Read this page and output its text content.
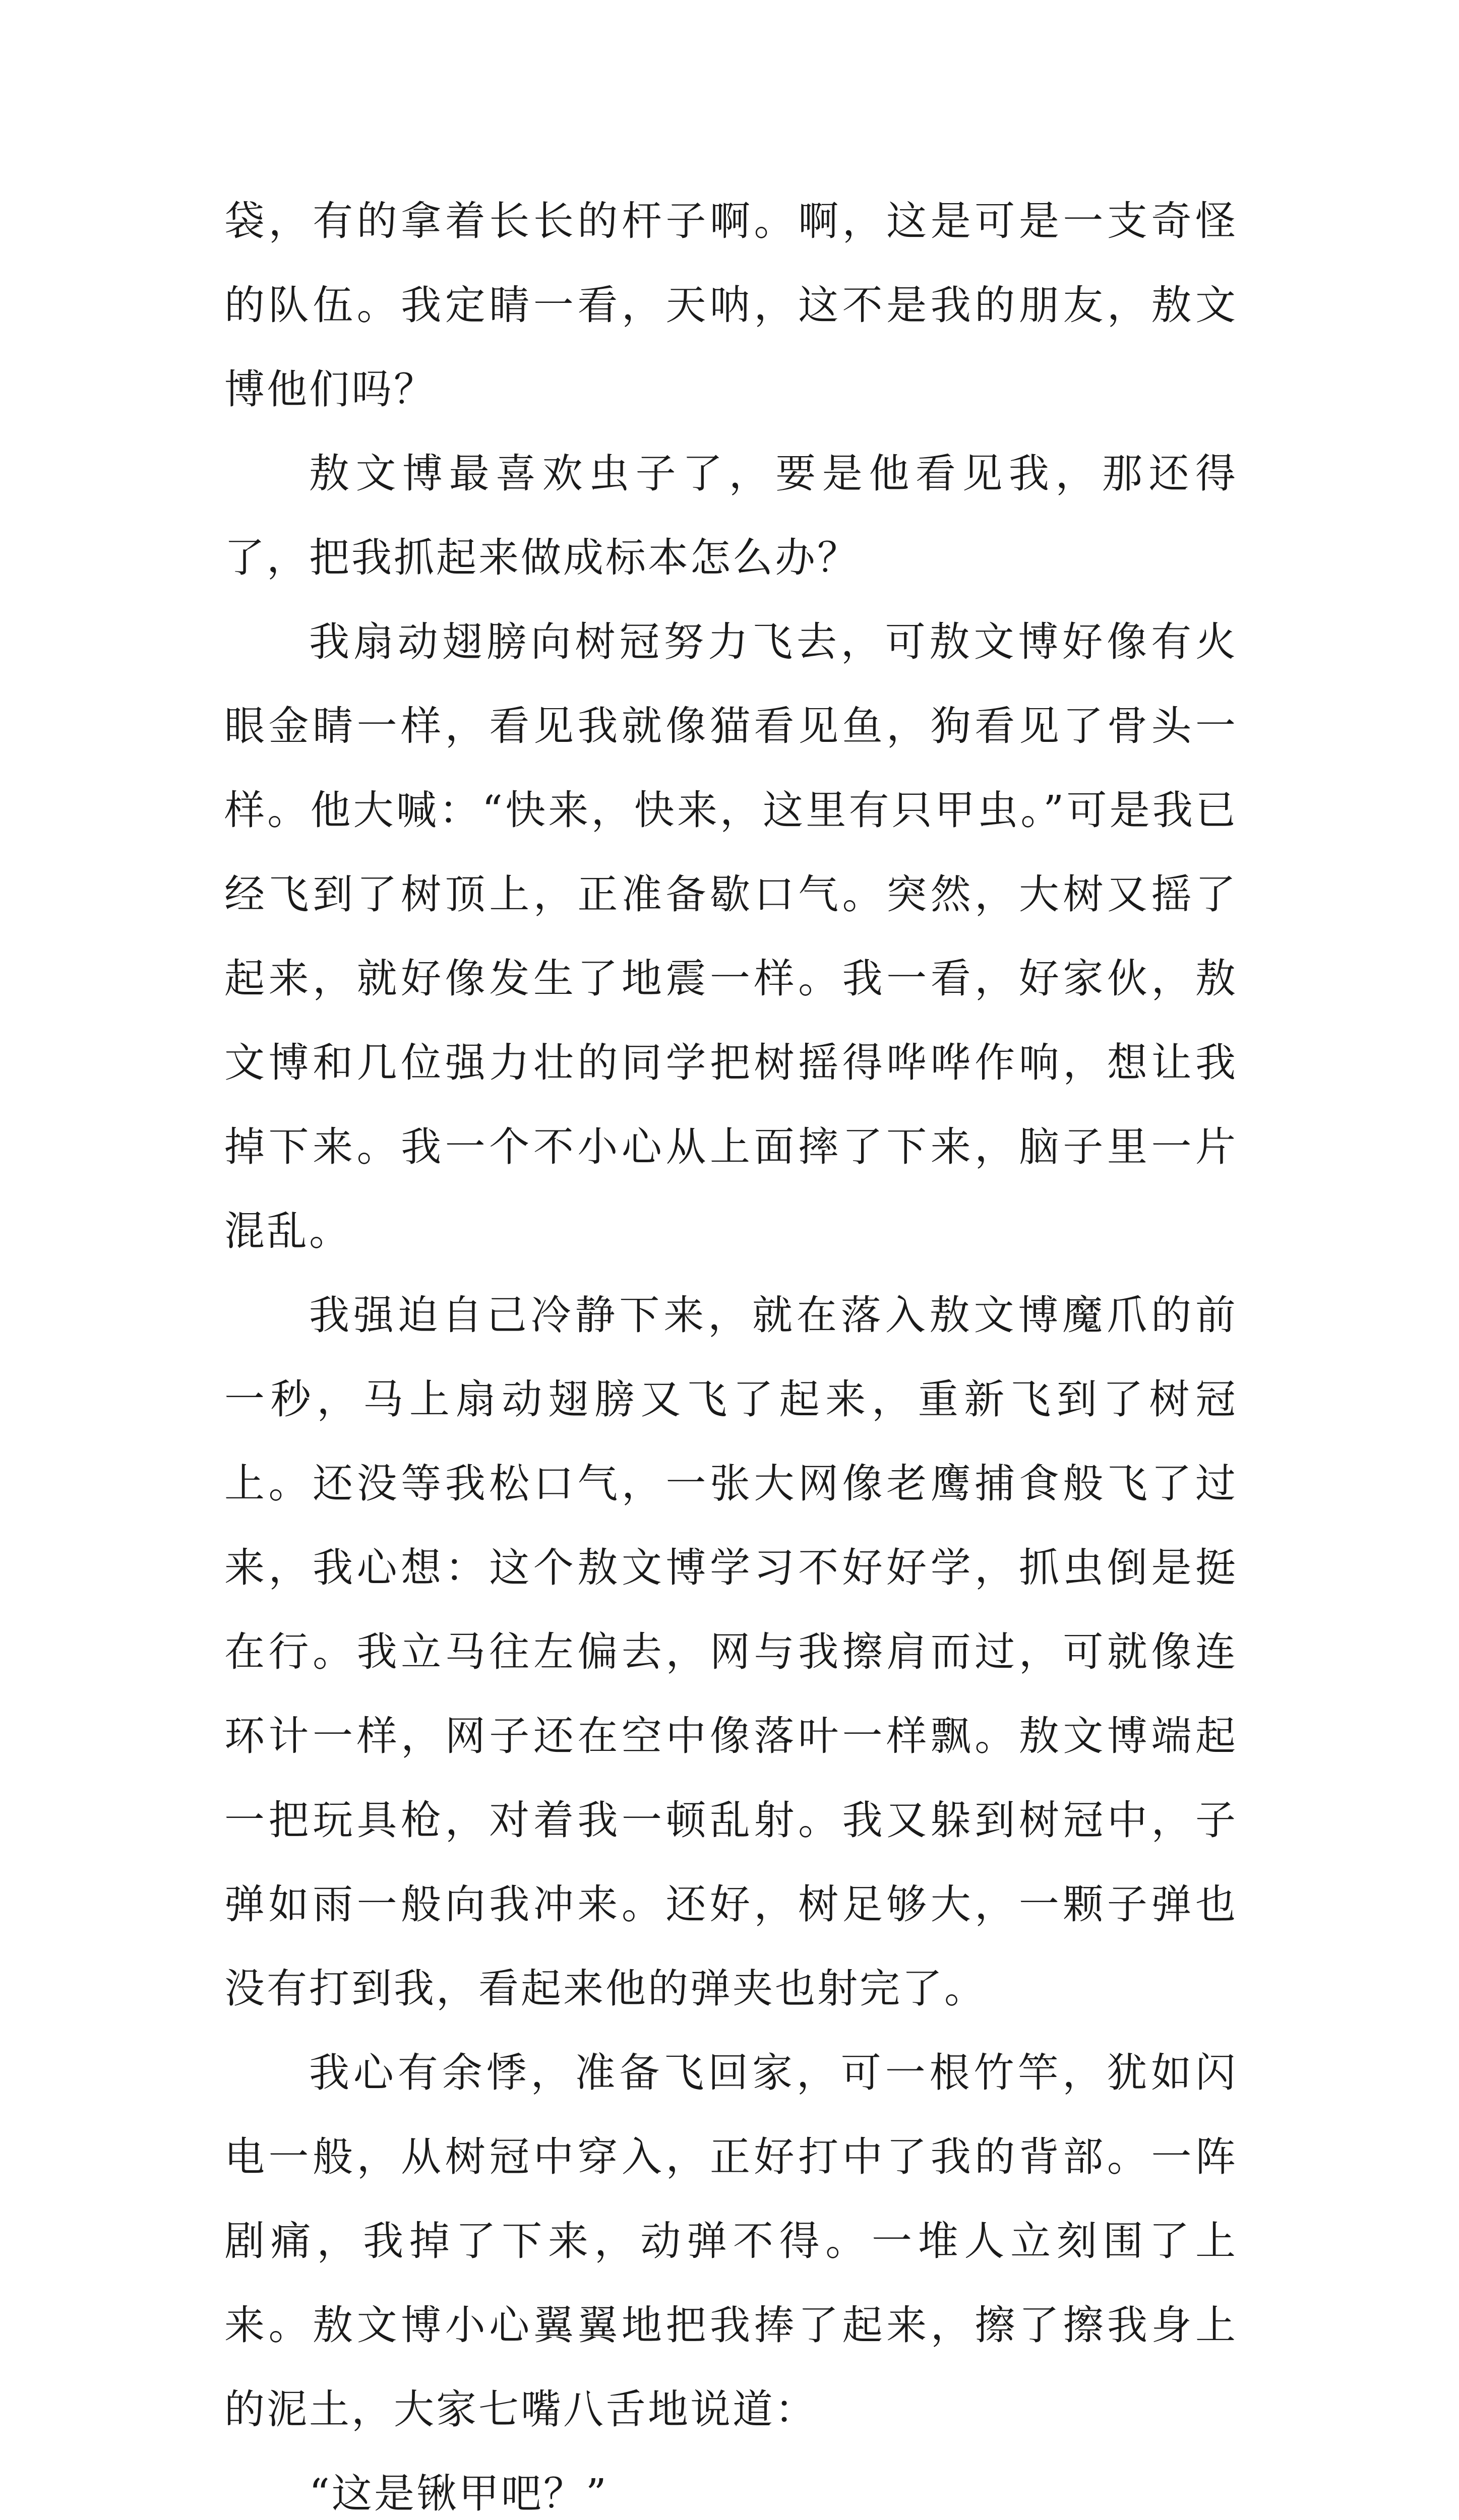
袋，有的拿着长长的杆子啊。啊，这是可是一支奇怪的队伍。我定睛一看，天呐，这不是我的朋友，敖文博他们吗？

敖文博最喜欢虫子了，要是他看见我，那还得了，把我抓起来做成标本怎么办？

我扇动翅膀向树冠努力飞去，可敖文博好像有火眼金睛一样，看见我就像猫看见鱼，狗看见了骨头一样。他大喊：“快来，快来，这里有只甲虫。”可是我已经飞到了树顶上，正准备歇口气。突然，大树又摇了起来，就好像发生了地震一样。我一看，好家伙，敖文博和几位强力壮的同学把树摇得哗哗作响，想让我掉下来。我一个不小心从上面摔了下来，脑子里一片混乱。

我强迫自己冷静下来，就在落入敖文博魔爪的前一秒，马上扇动翅膀又飞了起来，重新飞到了树冠上。还没等我松口气，一张大网像老鹰捕食般飞了过来，我心想：这个敖文博学习不好好学，抓虫倒是挺在行。我立马往左偏去，网与我擦肩而过，可就像连环计一样，网子还在空中像落叶一样飘。敖文博端起一把玩具枪，对着我一顿乱射。我又躲到树冠中，子弹如雨一般向我冲来。还好，树足够大，一颗子弹也没有打到我，看起来他的弹夹也射完了。

我心有余悸，准备飞回家，可一根竹竿，犹如闪电一般，从树冠中穿入，正好打中了我的背部。一阵剧痛，我掉了下来，动弹不得。一堆人立刻围了上来。敖文博小心翼翼地把我捧了起来，擦了擦我身上的泥土，大家七嘴八舌地说道：

“这是锹甲吧？”
